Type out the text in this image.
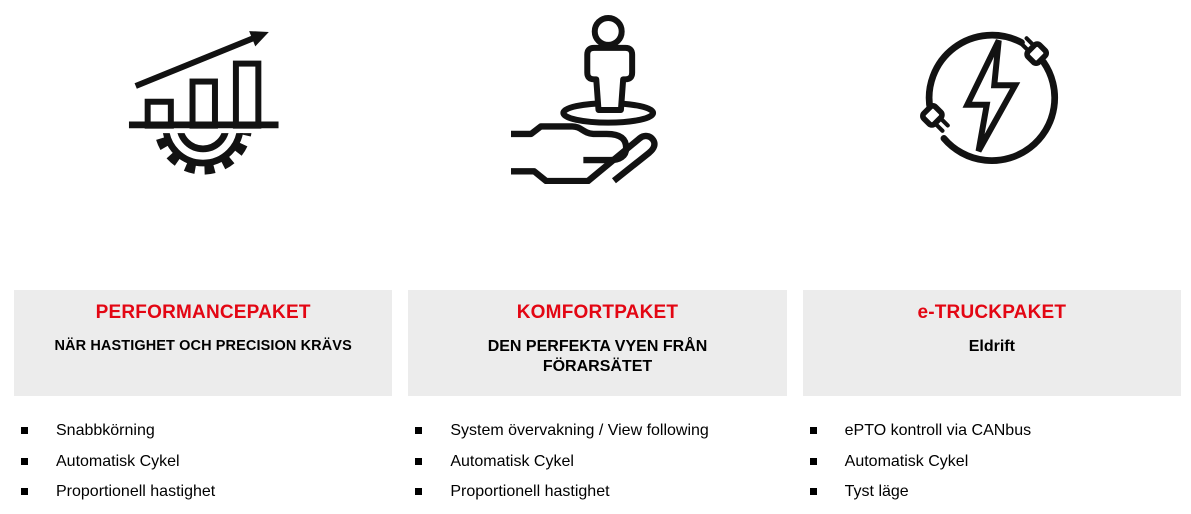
PERFORMANCEPAKET
NÄR HASTIGHET OCH PRECISION KRÄVS
Snabbkörning
Automatisk Cykel
Proportionell hastighet
KOMFORTPAKET
DEN PERFEKTA VYEN FRÅN FÖRARSÄTET
System övervakning / View following
Automatisk Cykel
Proportionell hastighet
e-TRUCKPAKET
Eldrift
ePTO kontroll via CANbus
Automatisk Cykel
Tyst läge
